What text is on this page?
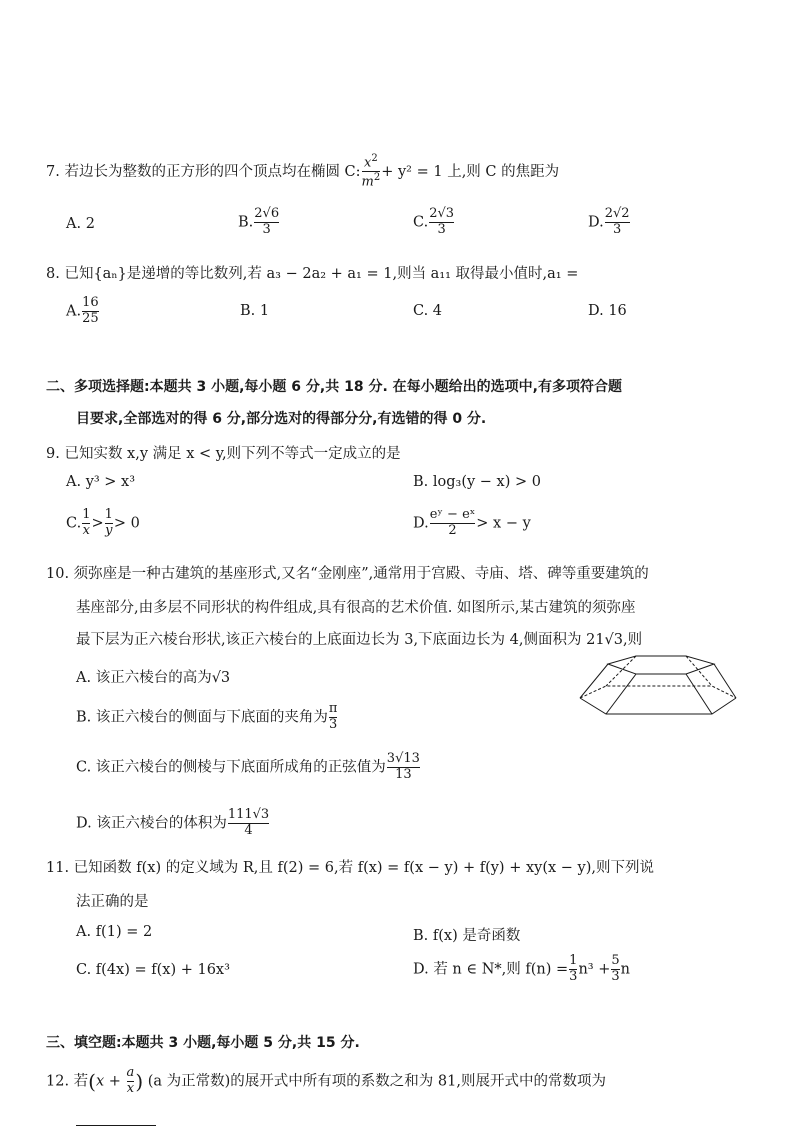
7. 若边长为整数的正方形的四个顶点均在椭圆 C: $\frac{x^2}{m^2} + y^2 = 1$ 上,则 C 的焦距为
A. 2	B. $\frac{2√6}{3}$	C. $\frac{2√3}{3}$	D. $\frac{2√2}{3}$
8. 已知{aₙ}是递增的等比数列,若 a₃ − 2a₂ + a₁ = 1,则当 a₁₁ 取得最小值时,a₁ =
A. $\frac{16}{25}$	B. 1	C. 4	D. 16
二、多项选择题:本题共 3 小题,每小题 6 分,共 18 分. 在每小题给出的选项中,有多项符合题
目要求,全部选对的得 6 分,部分选对的得部分分,有选错的得 0 分.
9. 已知实数 x,y 满足 x < y,则下列不等式一定成立的是
A. y³ > x³	B. log₃(y − x) > 0
C. $\frac{1}{x} > \frac{1}{y} > 0$	D. $\frac{\text{eʸ − eˣ}}{2} > x - y$
10. 须弥座是一种古建筑的基座形式,又名“金刚座”,通常用于宫殿、寺庙、塔、碑等重要建筑的
基座部分,由多层不同形状的构件组成,具有很高的艺术价值. 如图所示,某古建筑的须弥座
最下层为正六棱台形状,该正六棱台的上底面边长为 3,下底面边长为 4,侧面积为 21√3,则
A. 该正六棱台的高为√3
B. 该正六棱台的侧面与下底面的夹角为 $\frac{\pi}{3}$
C. 该正六棱台的侧棱与下底面所成角的正弦值为 $\frac{3√13}{13}$
D. 该正六棱台的体积为 $\frac{111√3}{4}$
11. 已知函数 f(x) 的定义域为 R,且 f(2) = 6,若 f(x) = f(x − y) + f(y) + xy(x − y),则下列说
法正确的是
A. f(1) = 2	B. f(x) 是奇函数
C. f(4x) = f(x) + 16x³	D. 若 n ∈ N*,则 $f(n) = \frac{1}{3} n^3 + \frac{5}{3}$ n
三、填空题:本题共 3 小题,每小题 5 分,共 15 分.
12. 若($x + \frac{a}{x}$ ) (a 为正常数)的展开式中所有项的系数之和为 81,则展开式中的常数项为
